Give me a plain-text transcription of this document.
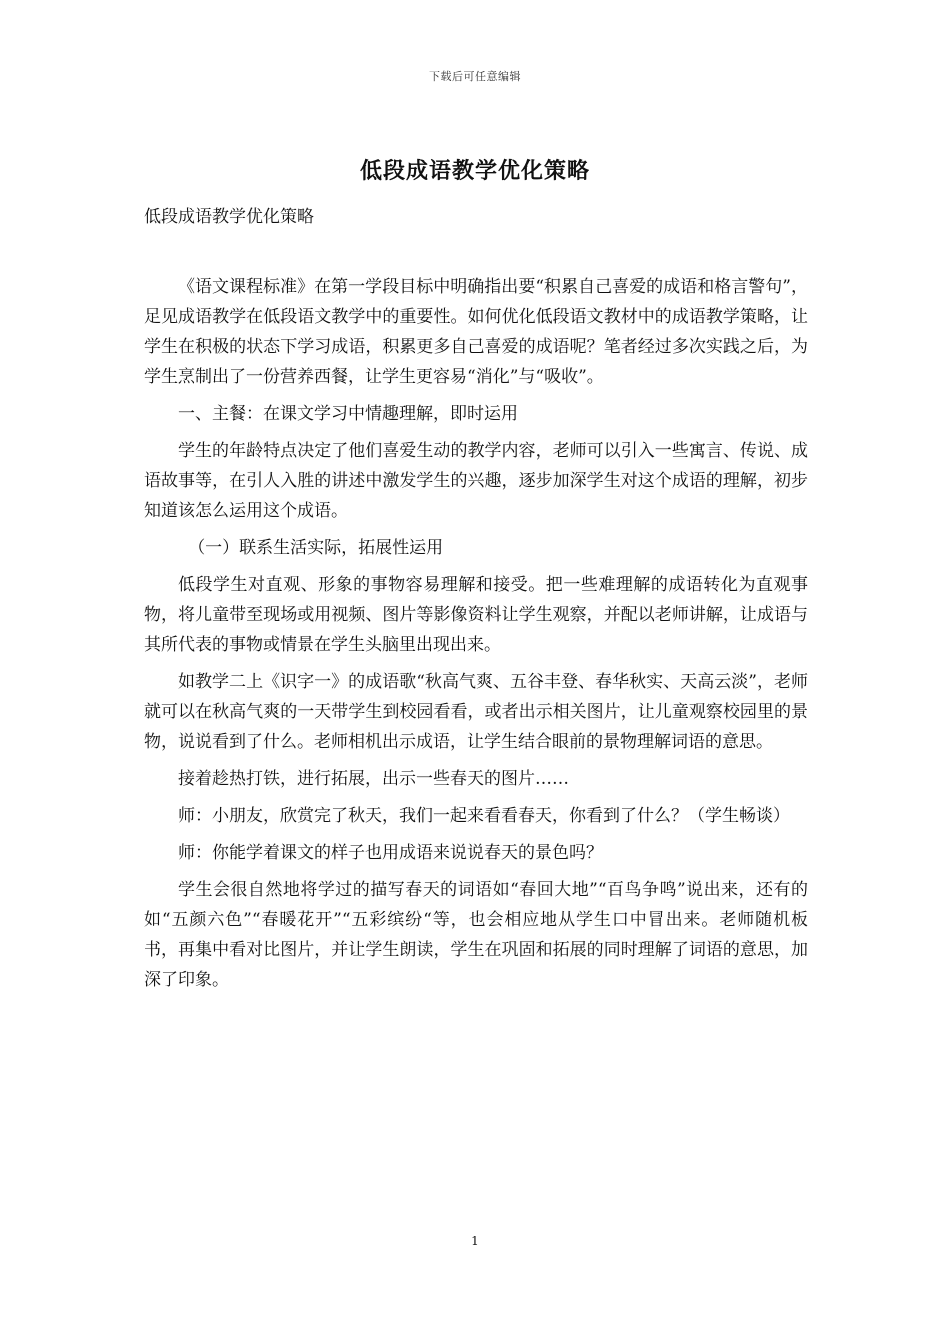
下载后可任意编辑
低段成语教学优化策略
低段成语教学优化策略

《语文课程标准》在第一学段目标中明确指出要“积累自己喜爱的成语和格言警句”，足见成语教学在低段语文教学中的重要性。如何优化低段语文教材中的成语教学策略，让学生在积极的状态下学习成语，积累更多自己喜爱的成语呢？笔者经过多次实践之后，为学生烹制出了一份营养西餐，让学生更容易“消化”与“吸收”。

一、主餐：在课文学习中情趣理解，即时运用

学生的年龄特点决定了他们喜爱生动的教学内容，老师可以引入一些寓言、传说、成语故事等，在引人入胜的讲述中激发学生的兴趣，逐步加深学生对这个成语的理解，初步知道该怎么运用这个成语。

（一）联系生活实际，拓展性运用

低段学生对直观、形象的事物容易理解和接受。把一些难理解的成语转化为直观事物，将儿童带至现场或用视频、图片等影像资料让学生观察，并配以老师讲解，让成语与其所代表的事物或情景在学生头脑里出现出来。

如教学二上《识字一》的成语歌“秋高气爽、五谷丰登、春华秋实、天高云淡”，老师就可以在秋高气爽的一天带学生到校园看看，或者出示相关图片，让儿童观察校园里的景物，说说看到了什么。老师相机出示成语，让学生结合眼前的景物理解词语的意思。

接着趁热打铁，进行拓展，出示一些春天的图片……

师：小朋友，欣赏完了秋天，我们一起来看看春天，你看到了什么？（学生畅谈）

师：你能学着课文的样子也用成语来说说春天的景色吗？

学生会很自然地将学过的描写春天的词语如“春回大地”“百鸟争鸣”说出来，还有的如“五颜六色”“春暖花开”“五彩缤纷“等，也会相应地从学生口中冒出来。老师随机板书，再集中看对比图片，并让学生朗读，学生在巩固和拓展的同时理解了词语的意思，加深了印象。

1
